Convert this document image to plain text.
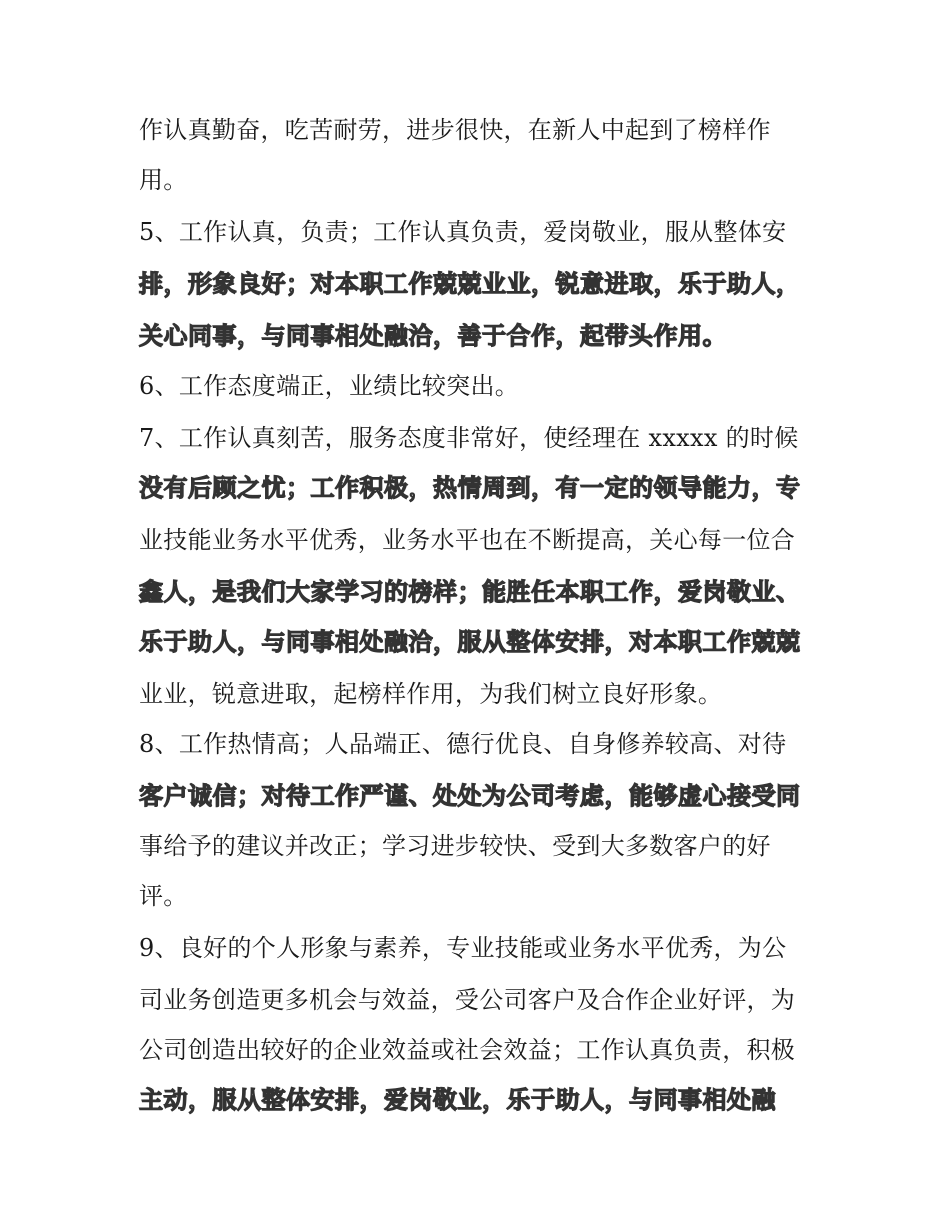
作认真勤奋，吃苦耐劳，进步很快，在新人中起到了榜样作
用。
5、工作认真，负责；工作认真负责，爱岗敬业，服从整体安
排，形象良好；对本职工作兢兢业业，锐意进取，乐于助人，
关心同事，与同事相处融洽，善于合作，起带头作用。
6、工作态度端正，业绩比较突出。
7、工作认真刻苦，服务态度非常好，使经理在 xxxxx 的时候
没有后顾之忧；工作积极，热情周到，有一定的领导能力，专
业技能业务水平优秀，业务水平也在不断提高，关心每一位合
鑫人，是我们大家学习的榜样；能胜任本职工作，爱岗敬业、
乐于助人，与同事相处融洽，服从整体安排，对本职工作兢兢
业业，锐意进取，起榜样作用，为我们树立良好形象。
8、工作热情高；人品端正、德行优良、自身修养较高、对待
客户诚信；对待工作严谨、处处为公司考虑，能够虚心接受同
事给予的建议并改正；学习进步较快、受到大多数客户的好
评。
9、良好的个人形象与素养，专业技能或业务水平优秀，为公
司业务创造更多机会与效益，受公司客户及合作企业好评，为
公司创造出较好的企业效益或社会效益；工作认真负责，积极
主动，服从整体安排，爱岗敬业，乐于助人，与同事相处融
